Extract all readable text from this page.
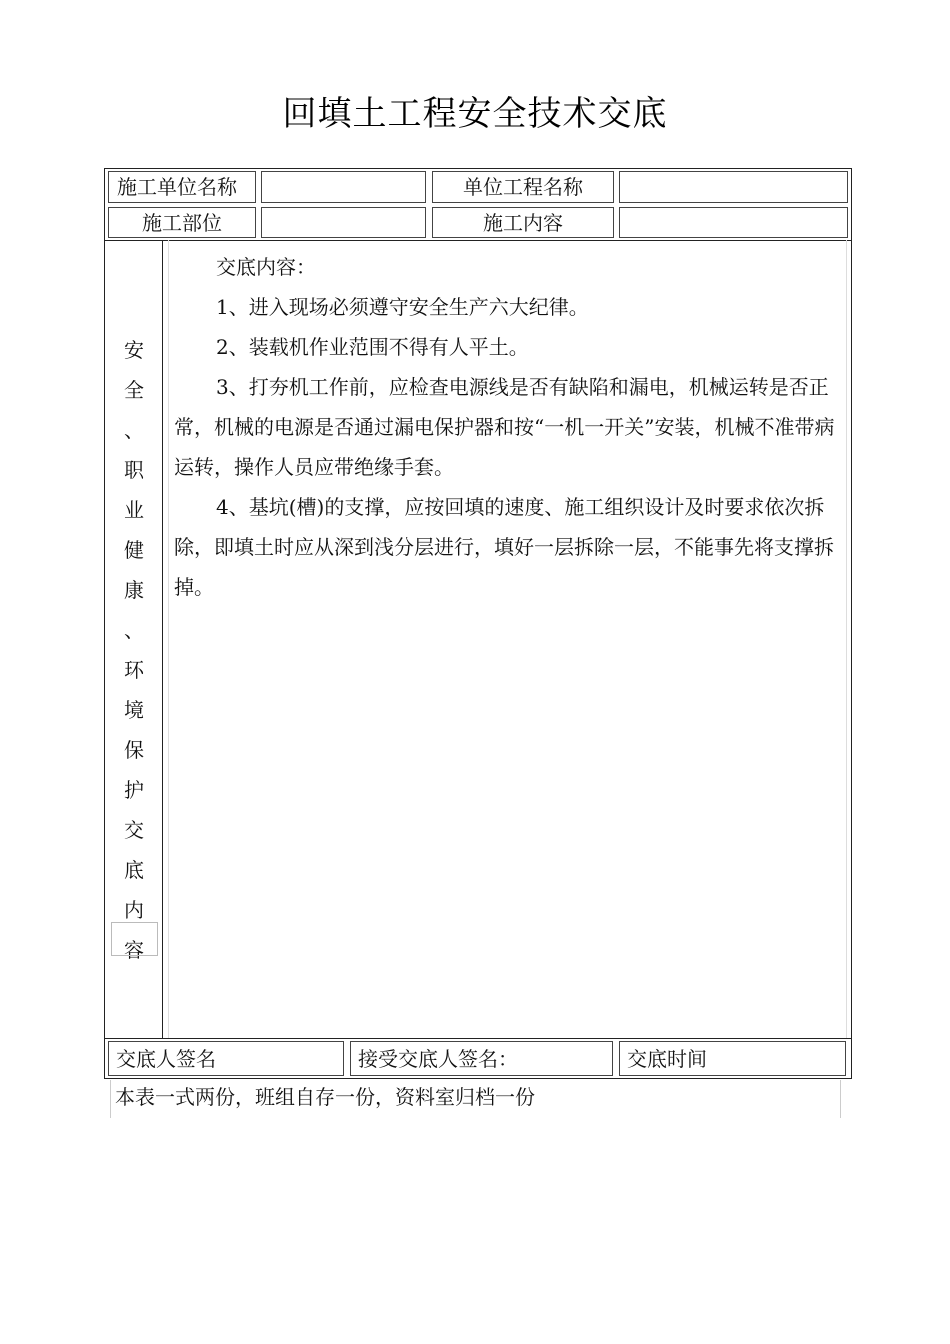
回填土工程安全技术交底
施工单位名称	单位工程名称
施工部位	施工内容
安
全
、
职
业
健
康
、
环
境
保
护
交
底
内
容

交底内容：

1、进入现场必须遵守安全生产六大纪律。

2、装载机作业范围不得有人平土。

3、打夯机工作前，应检查电源线是否有缺陷和漏电，机械运转是否正常，机械的电源是否通过漏电保护器和按“一机一开关”安装，机械不准带病运转，操作人员应带绝缘手套。

4、基坑(槽)的支撑，应按回填的速度、施工组织设计及时要求依次拆除，即填土时应从深到浅分层进行，填好一层拆除一层，不能事先将支撑拆掉。

交底人签名	接受交底人签名：	交底时间
本表一式两份，班组自存一份，资料室归档一份
